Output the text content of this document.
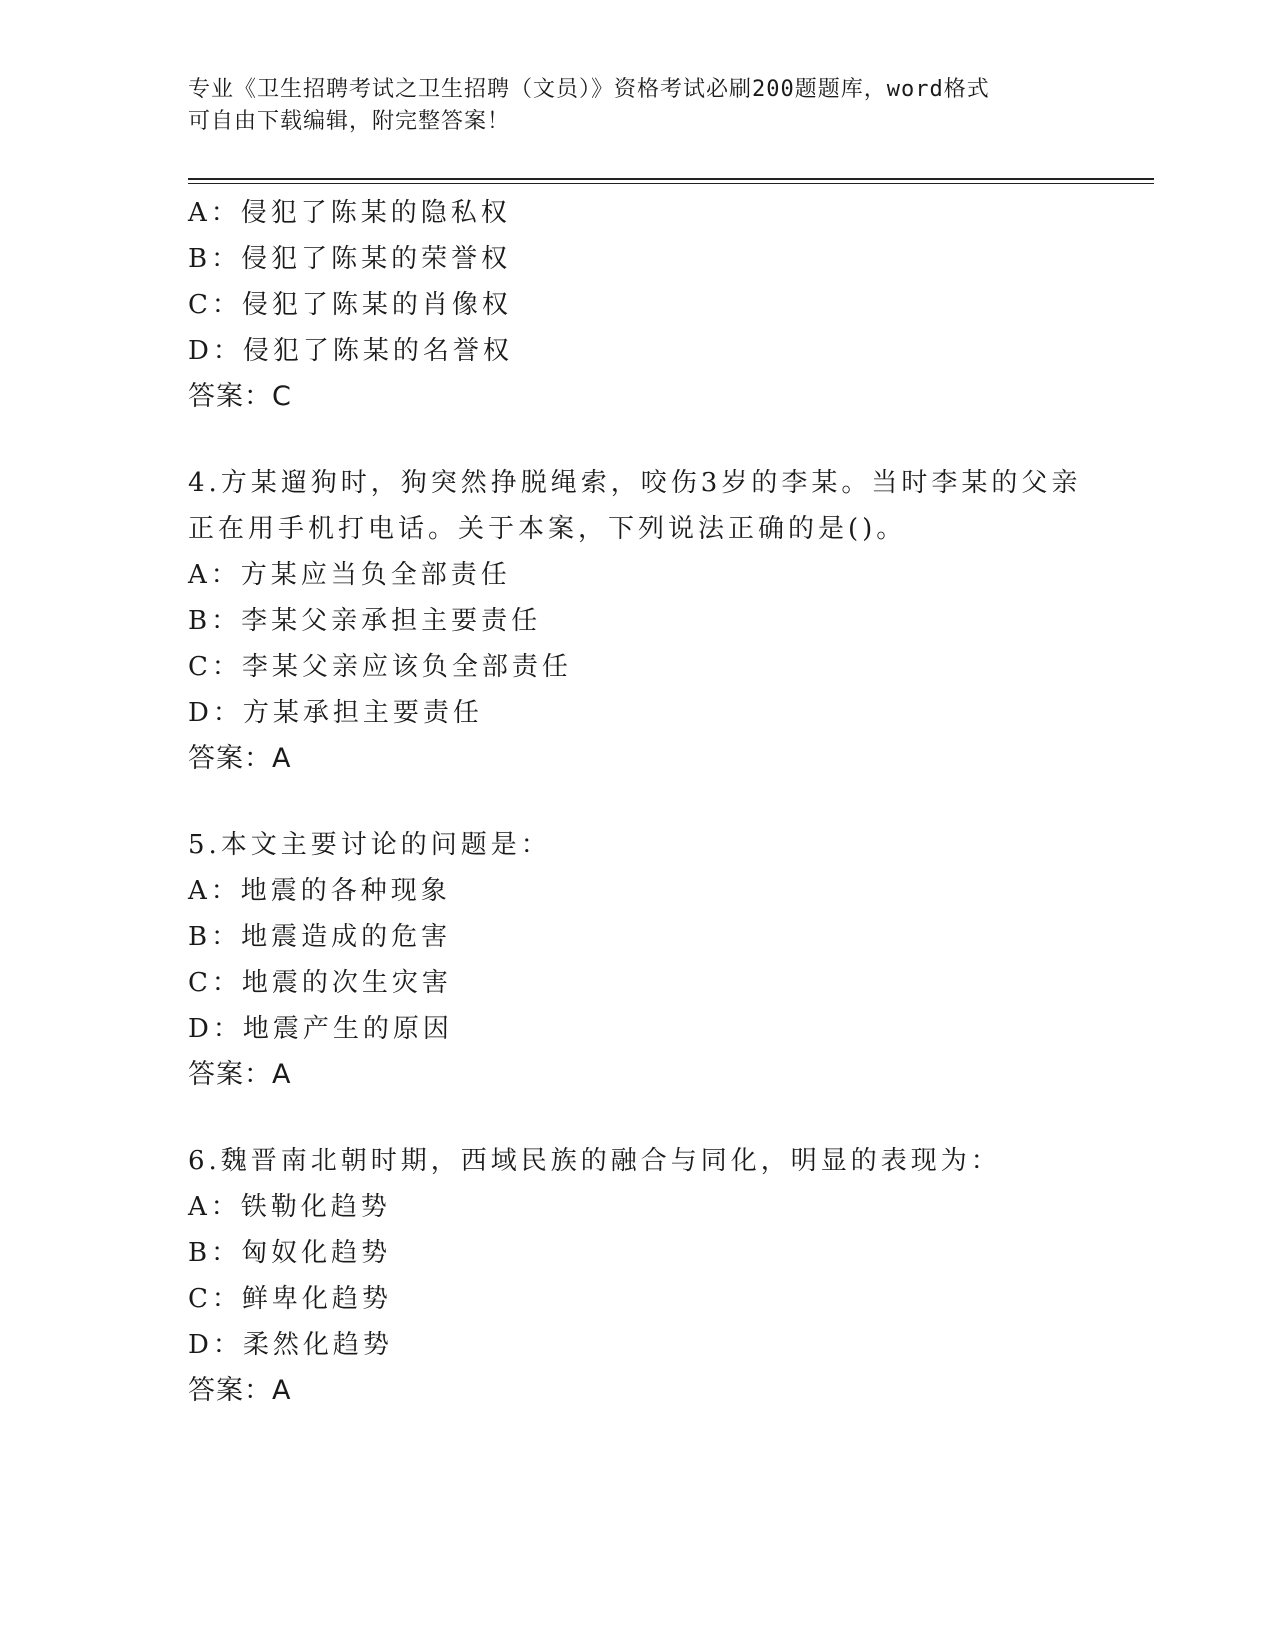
专业《卫生招聘考试之卫生招聘（文员）》资格考试必刷200题题库，word格式
可自由下载编辑，附完整答案！
A：侵犯了陈某的隐私权
B：侵犯了陈某的荣誉权
C：侵犯了陈某的肖像权
D：侵犯了陈某的名誉权
答案：C
4.方某遛狗时，狗突然挣脱绳索，咬伤3岁的李某。当时李某的父亲
正在用手机打电话。关于本案，下列说法正确的是()。
A：方某应当负全部责任
B：李某父亲承担主要责任
C：李某父亲应该负全部责任
D：方某承担主要责任
答案：A
5.本文主要讨论的问题是：
A：地震的各种现象
B：地震造成的危害
C：地震的次生灾害
D：地震产生的原因
答案：A
6.魏晋南北朝时期，西域民族的融合与同化，明显的表现为：
A：铁勒化趋势
B：匈奴化趋势
C：鲜卑化趋势
D：柔然化趋势
答案：A
